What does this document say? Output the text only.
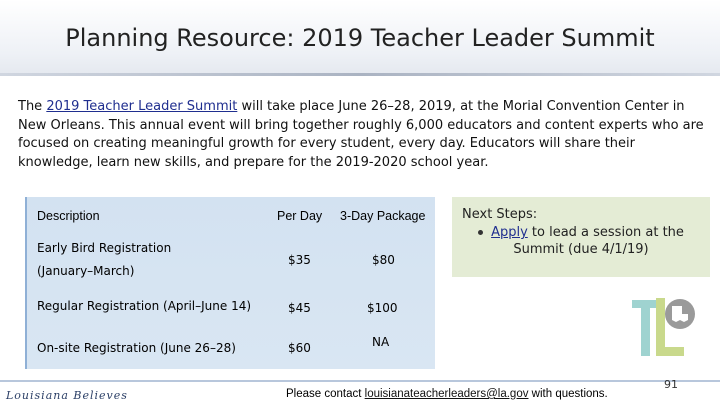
Planning Resource: 2019 Teacher Leader Summit
The 2019 Teacher Leader Summit will take place June 26–28, 2019, at the Morial Convention Center in New Orleans. This annual event will bring together roughly 6,000 educators and content experts who are focused on creating meaningful growth for every student, every day. Educators will share their knowledge, learn new skills, and prepare for the 2019-2020 school year.
Description	Per Day 3-Day Package
Early Bird Registration
(January–March)
$35	$80
Regular Registration (April–June 14)	$45	$100
On-site Registration (June 26–28)	$60	NA
Next Steps:
Apply to lead a session at the
Summit (due 4/1/19)
Louisiana Believes	Please contact louisianateacherleaders@la.gov with questions.
91
